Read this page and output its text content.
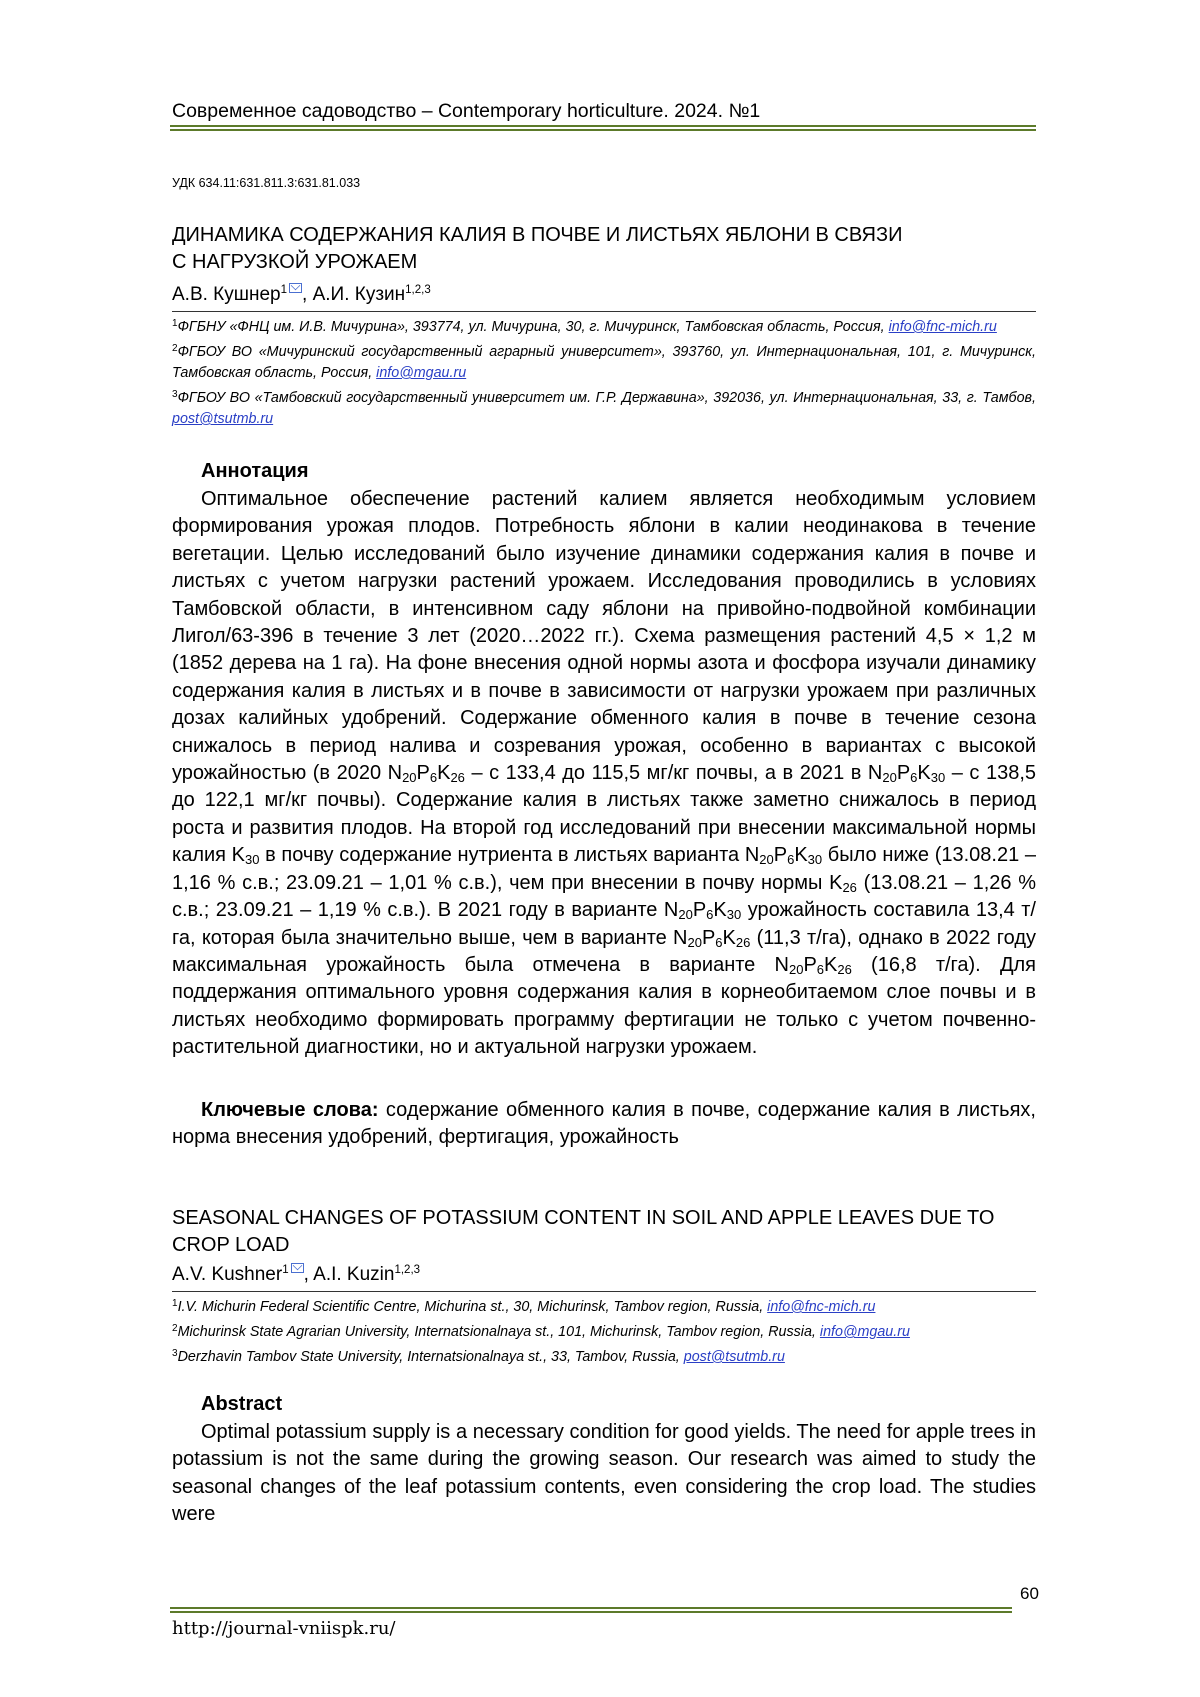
Современное садоводство – Contemporary horticulture. 2024. №1
УДК 634.11:631.811.3:631.81.033
ДИНАМИКА СОДЕРЖАНИЯ КАЛИЯ В ПОЧВЕ И ЛИСТЬЯХ ЯБЛОНИ В СВЯЗИ
С НАГРУЗКОЙ УРОЖАЕМ
А.В. Кушнер$^1$ , А.И. Кузин$^{1,2,3}$

$^1$ФГБНУ «ФНЦ им. И.В. Мичурина», 393774, ул. Мичурина, 30, г. Мичуринск, Тамбовская область, Россия, info@fnc-mich.ru

$^2$ФГБОУ ВО «Мичуринский государственный аграрный университет», 393760, ул. Интернациональная, 101, г. Мичуринск, Тамбовская область, Россия, info@mgau.ru

$^3$ФГБОУ ВО «Тамбовский государственный университет им. Г.Р. Державина», 392036, ул. Интернациональная, 33, г. Тамбов, post@tsutmb.ru

Аннотация
Оптимальное обеспечение растений калием является необходимым условием формирования урожая плодов. Потребность яблони в калии неодинакова в течение вегетации. Целью исследований было изучение динамики содержания калия в почве и листьях с учетом нагрузки растений урожаем. Исследования проводились в условиях Тамбовской области, в интенсивном саду яблони на привойно-подвойной комбинации Лигол/63-396 в течение 3 лет (2020…2022 гг.). Схема размещения растений 4,5 × 1,2 м (1852 дерева на 1 га). На фоне внесения одной нормы азота и фосфора изучали динамику содержания калия в листьях и в почве в зависимости от нагрузки урожаем при различных дозах калийных удобрений. Содержание обменного калия в почве в течение сезона снижалось в период налива и созревания урожая, особенно в вариантах с высокой урожайностью (в 2020 $N_{20}P_6K_{26}$ – с 133,4 до 115,5 мг/кг почвы, а в 2021 в $N_{20}P_6K_{30}$ – с 138,5 до 122,1 мг/кг почвы). Содержание калия в листьях также заметно снижалось в период роста и развития плодов. На второй год исследований при внесении максимальной нормы калия $K_{30}$ в почву содержание нутриента в листьях варианта $N_{20}P_6K_{30}$ было ниже (13.08.21 – 1,16 % с.в.; 23.09.21 – 1,01 % с.в.), чем при внесении в почву нормы $K_{26}$ (13.08.21 – 1,26 % с.в.; 23.09.21 – 1,19 % с.в.). В 2021 году в варианте $N_{20}P_6K_{30}$ урожайность составила 13,4 т/га, которая была значительно выше, чем в варианте $N_{20}P_6K_{26}$ (11,3 т/га), однако в 2022 году максимальная урожайность была отмечена в варианте $N_{20}P_6K_{26}$ (16,8 т/га). Для поддержания оптимального уровня содержания калия в корнеобитаемом слое почвы и в листьях необходимо формировать программу фертигации не только с учетом почвенно-растительной диагностики, но и актуальной нагрузки урожаем.
Ключевые слова: содержание обменного калия в почве, содержание калия в листьях, норма внесения удобрений, фертигация, урожайность
SEASONAL CHANGES OF POTASSIUM CONTENT IN SOIL AND APPLE LEAVES DUE TO CROP LOAD
A.V. Kushner$^1$ , A.I. Kuzin$^{1,2,3}$

$^1$I.V. Michurin Federal Scientific Centre, Michurina st., 30, Michurinsk, Tambov region, Russia, info@fnc-mich.ru

$^2$Michurinsk State Agrarian University, Internatsionalnaya st., 101, Michurinsk, Tambov region, Russia, info@mgau.ru

$^3$Derzhavin Tambov State University, Internatsionalnaya st., 33, Tambov, Russia, post@tsutmb.ru

Abstract
Optimal potassium supply is a necessary condition for good yields. The need for apple trees in potassium is not the same during the growing season. Our research was aimed to study the seasonal changes of the leaf potassium contents, even considering the crop load. The studies were
60
http://journal-vniispk.ru/
